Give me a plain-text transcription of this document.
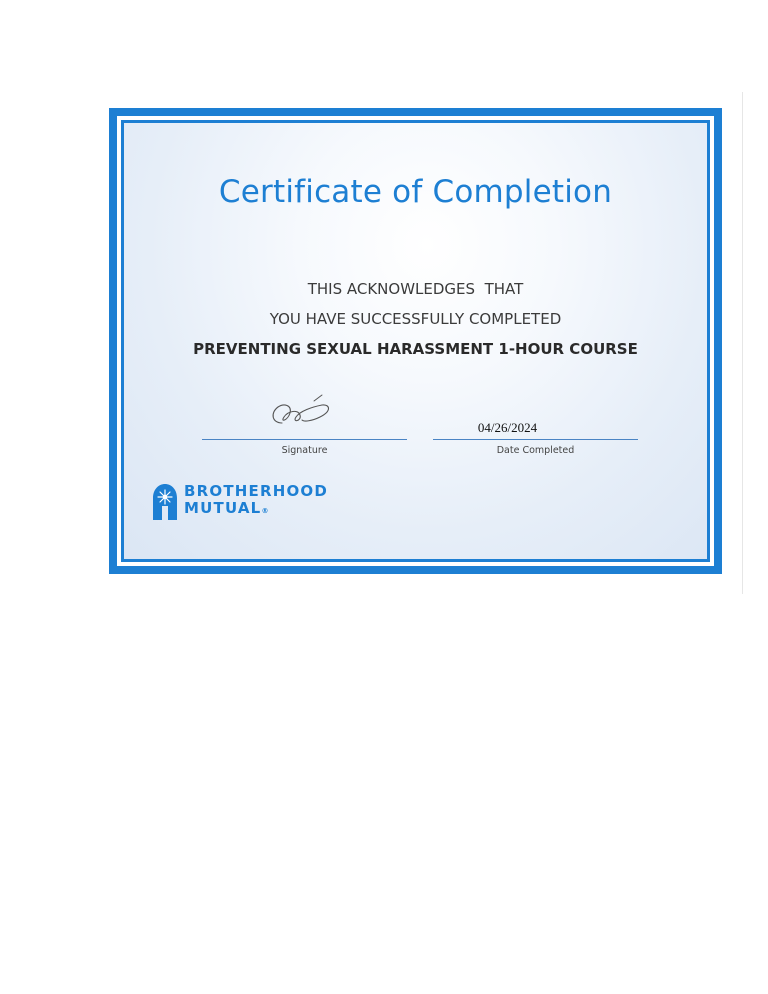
Certificate of Completion
THIS ACKNOWLEDGES  THAT
YOU HAVE SUCCESSFULLY COMPLETED
PREVENTING SEXUAL HARASSMENT 1-HOUR COURSE
Signature
04/26/2024
Date Completed
BROTHERHOOD
MUTUAL®
